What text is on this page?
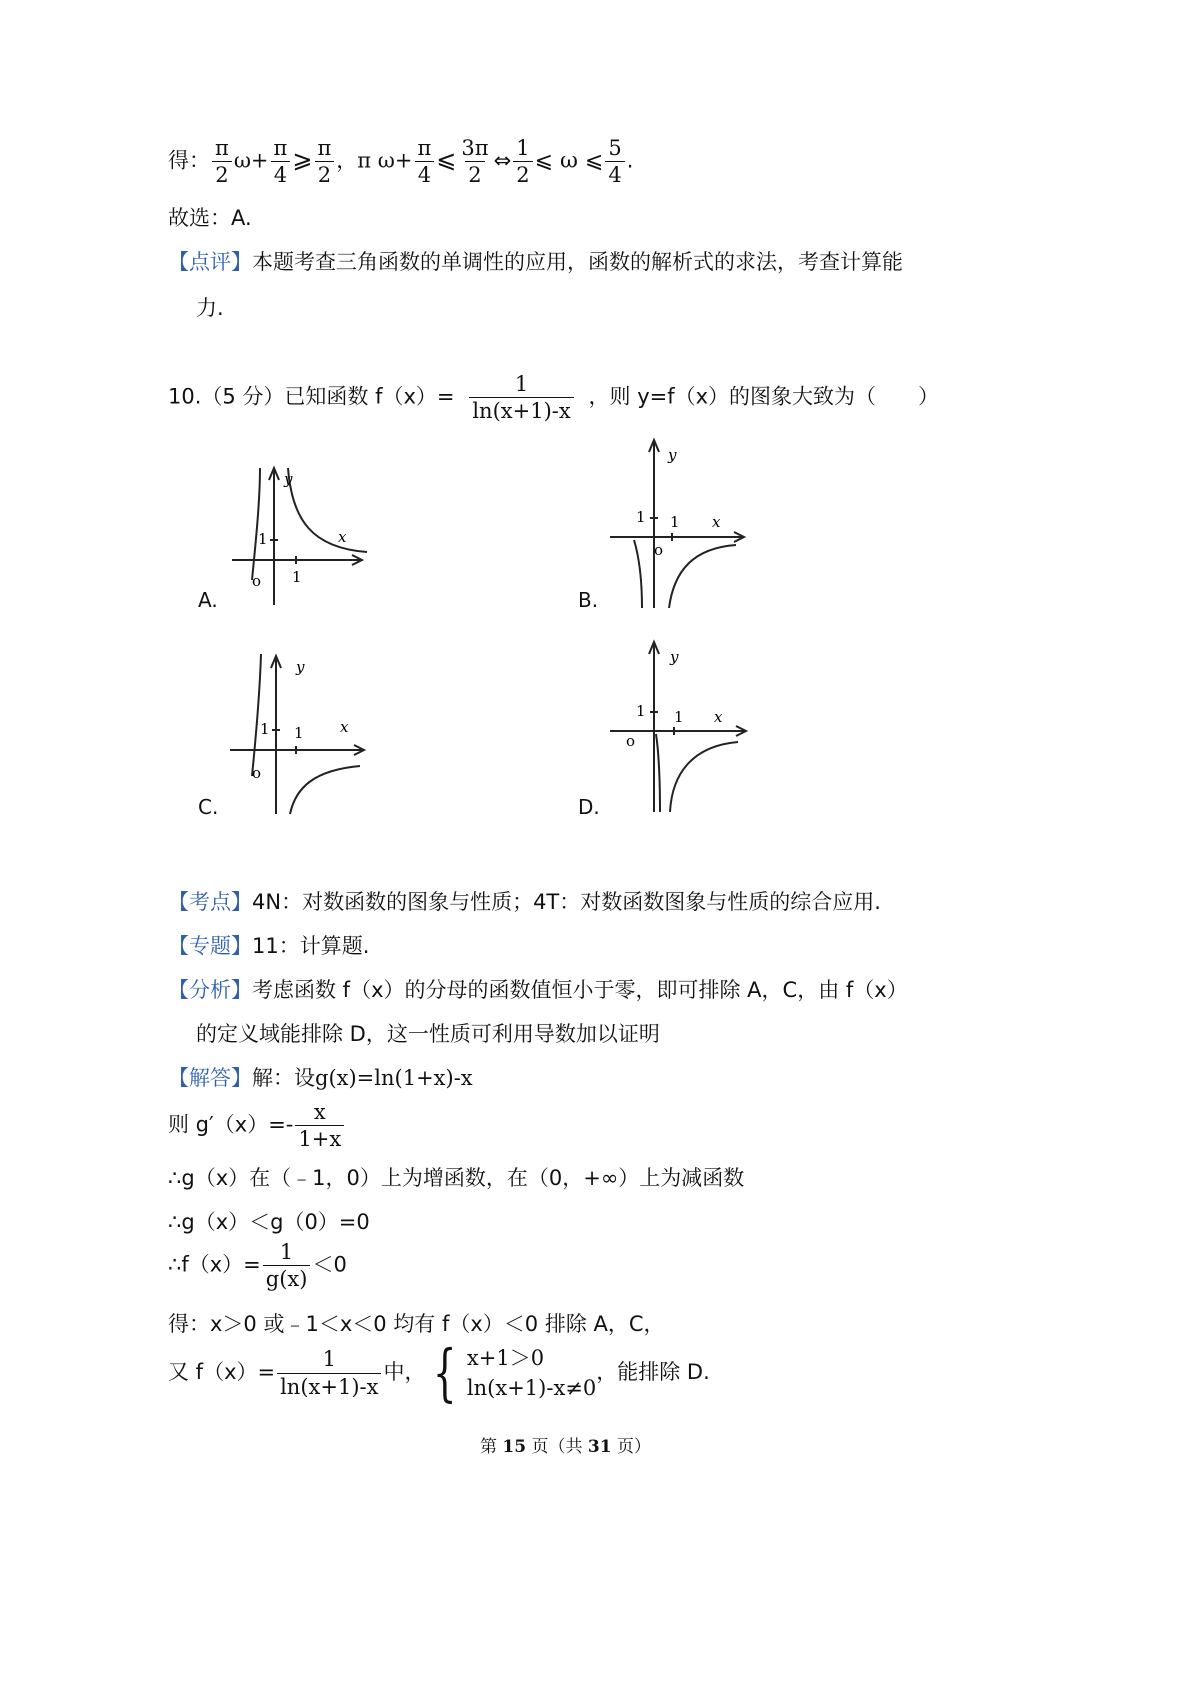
得： $\frac{\pi}{2} \omega+ \frac{\pi}{4}$ ⩾ $\frac{\pi}{2}$ ，π $\omega+ \frac{\pi}{4}$ ⩽ $\frac{3\pi}{2}$ ⇔ $\frac{1}{2}$ ⩽ ω ⩽ $\frac{5}{4}$ .
故选：A.
【点评】本题考查三角函数的单调性的应用，函数的解析式的求法，考查计算能
力.
10.（5 分）已知函数 $f(x)= \frac{1}{\ln(x+1)-x}$ ，则 y=f（x）的图象大致为（　　）
y
x
1
1
o
A.
y
x
1 1
o
B.
y
x
1 1
o
C.
y
x
1 1
o
D.
【考点】4N：对数函数的图象与性质；4T：对数函数图象与性质的综合应用.
【专题】11：计算题.
【分析】考虑函数 f（x）的分母的函数值恒小于零，即可排除 A，C，由 f（x）
的定义域能排除 D，这一性质可利用导数加以证明
【解答】解：设g(x)=ln(1+x)-x
则 $g'(x)=- \frac{x}{1+x}$
∴g（x）在（﹣1，0）上为增函数，在（0，+∞）上为减函数
∴g（x）＜g（0）=0
∴f（x）= $\frac{1}{g(x)} <0$
得：x＞0 或﹣1＜x＜0 均有 f（x）＜0 排除 A，C，
又 $f(x)= \frac{1}{\ln(x+1)-x}$ 中， { x+1＞0
ln(x+1)-x≠0
，能排除 D.
第 15 页（共 31 页）
